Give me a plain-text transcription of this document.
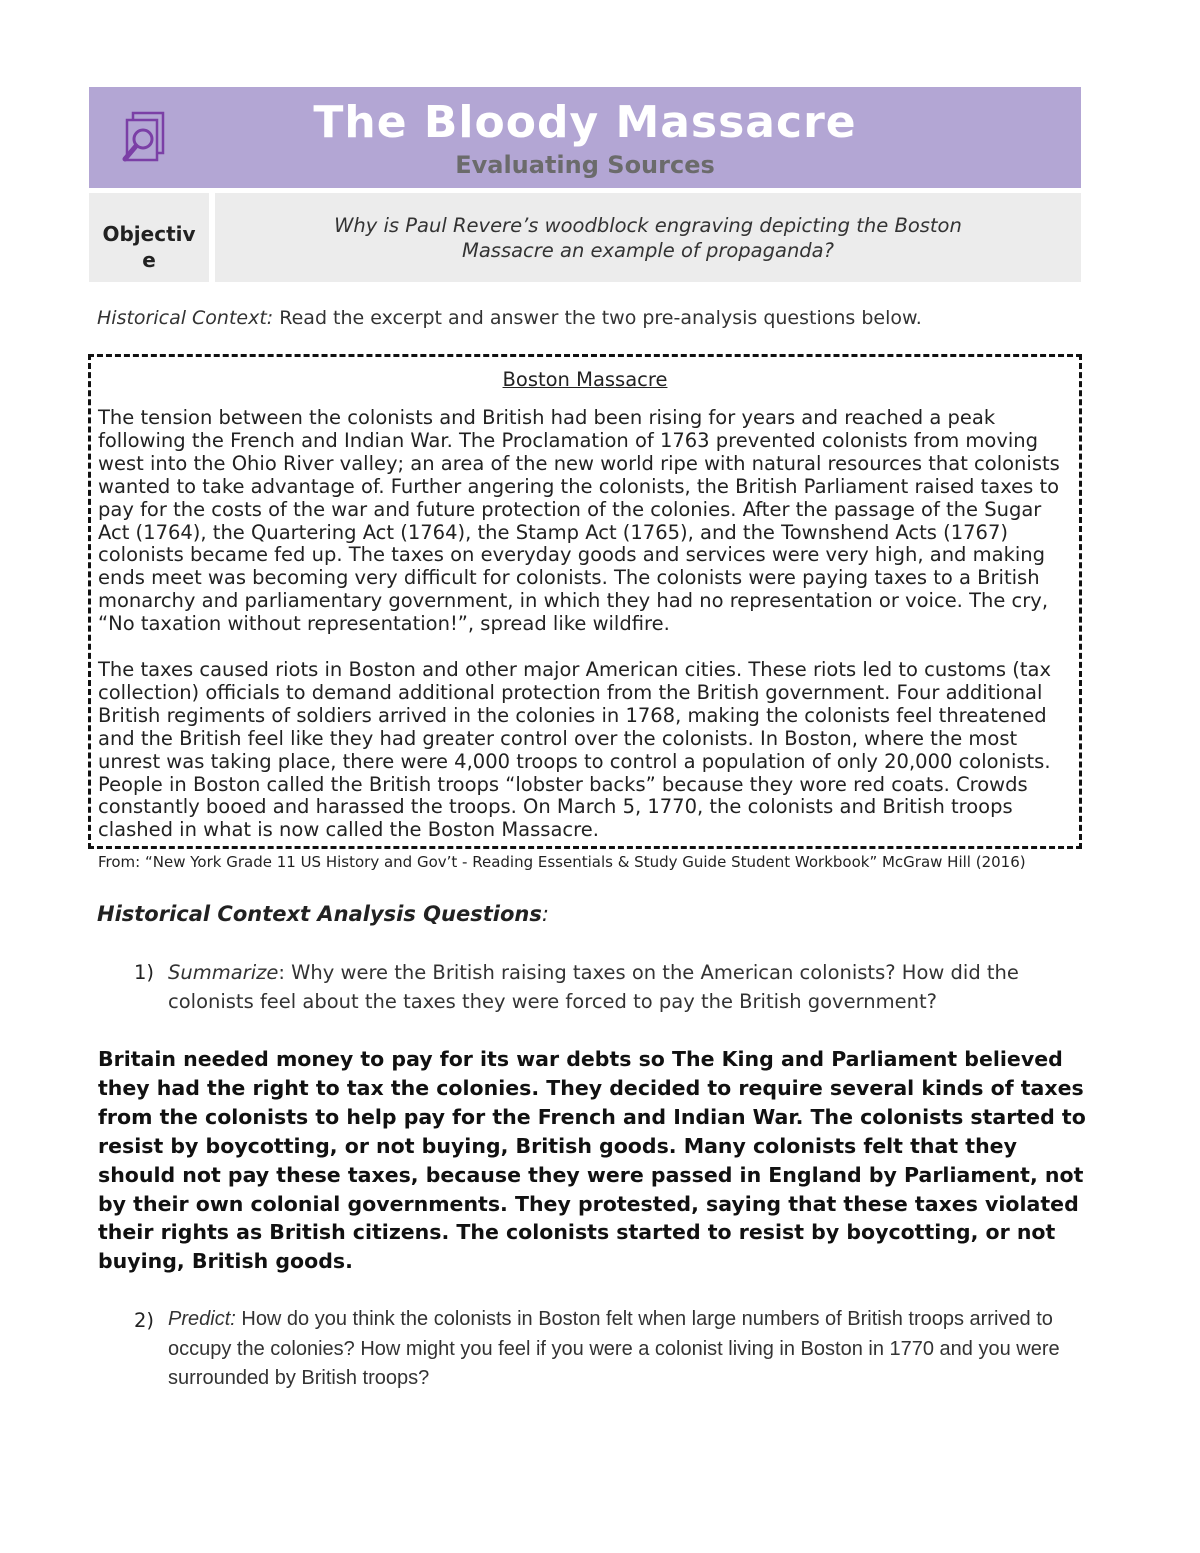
The Bloody Massacre
Evaluating Sources
Objective
Why is Paul Revere’s woodblock engraving depicting the Boston Massacre an example of propaganda?
Historical Context: Read the excerpt and answer the two pre-analysis questions below.
Boston Massacre
The tension between the colonists and British had been rising for years and reached a peak following the French and Indian War. The Proclamation of 1763 prevented colonists from moving west into the Ohio River valley; an area of the new world ripe with natural resources that colonists wanted to take advantage of. Further angering the colonists, the British Parliament raised taxes to pay for the costs of the war and future protection of the colonies. After the passage of the Sugar Act (1764), the Quartering Act (1764), the Stamp Act (1765), and the Townshend Acts (1767) colonists became fed up. The taxes on everyday goods and services were very high, and making ends meet was becoming very difficult for colonists. The colonists were paying taxes to a British monarchy and parliamentary government, in which they had no representation or voice. The cry, “No taxation without representation!”, spread like wildfire.
The taxes caused riots in Boston and other major American cities. These riots led to customs (tax collection) officials to demand additional protection from the British government. Four additional British regiments of soldiers arrived in the colonies in 1768, making the colonists feel threatened and the British feel like they had greater control over the colonists. In Boston, where the most unrest was taking place, there were 4,000 troops to control a population of only 20,000 colonists. People in Boston called the British troops “lobster backs” because they wore red coats. Crowds constantly booed and harassed the troops. On March 5, 1770, the colonists and British troops clashed in what is now called the Boston Massacre.
From: “New York Grade 11 US History and Gov’t - Reading Essentials & Study Guide Student Workbook” McGraw Hill (2016)
Historical Context Analysis Questions:
1) Summarize: Why were the British raising taxes on the American colonists? How did the colonists feel about the taxes they were forced to pay the British government?
Britain needed money to pay for its war debts so The King and Parliament believed they had the right to tax the colonies. They decided to require several kinds of taxes from the colonists to help pay for the French and Indian War. The colonists started to resist by boycotting, or not buying, British goods. Many colonists felt that they should not pay these taxes, because they were passed in England by Parliament, not by their own colonial governments. They protested, saying that these taxes violated their rights as British citizens. The colonists started to resist by boycotting, or not buying, British goods.
2) Predict: How do you think the colonists in Boston felt when large numbers of British troops arrived to occupy the colonies? How might you feel if you were a colonist living in Boston in 1770 and you were surrounded by British troops?
